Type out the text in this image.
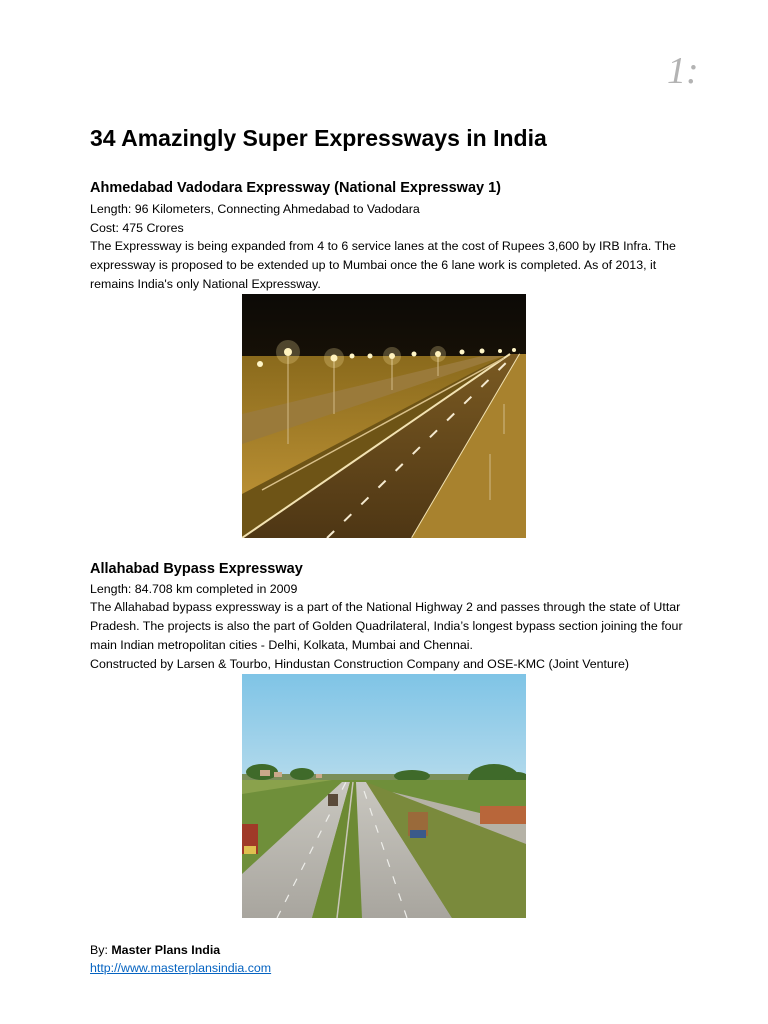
1:
34 Amazingly Super Expressways in India
Ahmedabad Vadodara Expressway (National Expressway 1)

Length: 96 Kilometers, Connecting Ahmedabad to Vadodara

Cost: 475 Crores

The Expressway is being expanded from 4 to 6 service lanes at the cost of Rupees 3,600 by IRB Infra. The expressway is proposed to be extended up to Mumbai once the 6 lane work is completed. As of 2013, it remains India's only National Expressway.

Allahabad Bypass Expressway

Length: 84.708 km completed in 2009

The Allahabad bypass expressway is a part of the National Highway 2 and passes through the state of Uttar Pradesh. The projects is also the part of Golden Quadrilateral, India’s longest bypass section joining the four main Indian metropolitan cities - Delhi, Kolkata, Mumbai and Chennai.

Constructed by Larsen & Tourbo, Hindustan Construction Company and OSE-KMC (Joint Venture)

By: Master Plans India

http://www.masterplansindia.com
